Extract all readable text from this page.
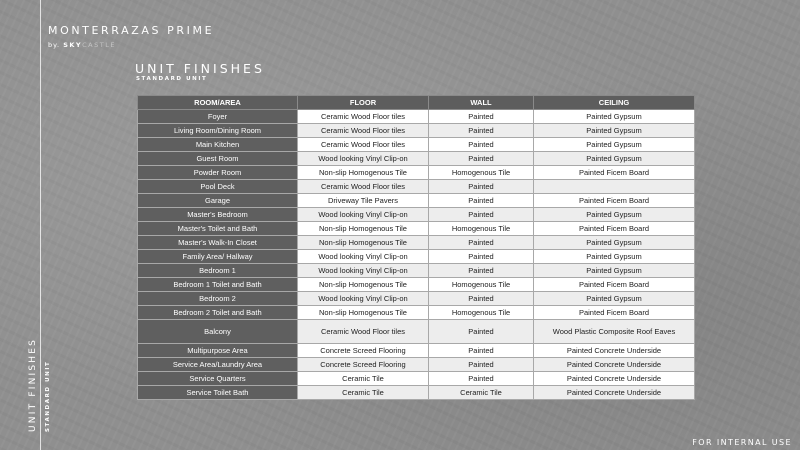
MONTERRAZAS PRIME
by. SKYCASTLE
UNIT FINISHES
STANDARD UNIT
UNIT FINISHES STANDARD UNIT
ROOM/AREA	FLOOR	WALL	CEILING
Foyer	Ceramic Wood Floor tiles	Painted	Painted Gypsum
Living Room/Dining Room	Ceramic Wood Floor tiles	Painted	Painted Gypsum
Main Kitchen	Ceramic Wood Floor tiles	Painted	Painted Gypsum
Guest Room	Wood looking Vinyl Clip-on	Painted	Painted Gypsum
Powder Room	Non-slip Homogenous Tile	Homogenous Tile	Painted Ficem Board
Pool Deck	Ceramic Wood Floor tiles	Painted	
Garage	Driveway Tile Pavers	Painted	Painted Ficem Board
Master's Bedroom	Wood looking Vinyl Clip-on	Painted	Painted Gypsum
Master's Toilet and Bath	Non-slip Homogenous Tile	Homogenous Tile	Painted Ficem Board
Master's Walk-In Closet	Non-slip Homogenous Tile	Painted	Painted Gypsum
Family Area/ Hallway	Wood looking Vinyl Clip-on	Painted	Painted Gypsum
Bedroom 1	Wood looking Vinyl Clip-on	Painted	Painted Gypsum
Bedroom 1 Toilet and Bath	Non-slip Homogenous Tile	Homogenous Tile	Painted Ficem Board
Bedroom 2	Wood looking Vinyl Clip-on	Painted	Painted Gypsum
Bedroom 2 Toilet and Bath	Non-slip Homogenous Tile	Homogenous Tile	Painted Ficem Board
Balcony	Ceramic Wood Floor tiles	Painted	Wood Plastic Composite Roof Eaves
Multipurpose Area	Concrete Screed Flooring	Painted	Painted Concrete Underside
Service Area/Laundry Area	Concrete Screed Flooring	Painted	Painted Concrete Underside
Service Quarters	Ceramic Tile	Painted	Painted Concrete Underside
Service Toilet Bath	Ceramic Tile	Ceramic Tile	Painted Concrete Underside
FOR INTERNAL USE
